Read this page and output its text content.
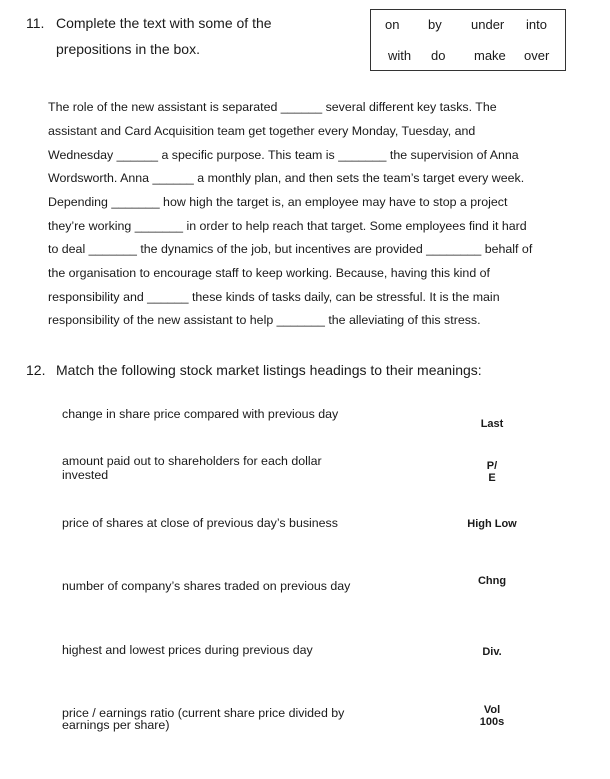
11. Complete the text with some of the
prepositions in the box.
on by under into
with do make over
The role of the new assistant is separated ______ several different key tasks. The
assistant and Card Acquisition team get together every Monday, Tuesday, and
Wednesday ______ a specific purpose. This team is _______ the supervision of Anna
Wordsworth. Anna ______ a monthly plan, and then sets the team’s target every week.
Depending _______ how high the target is, an employee may have to stop a project
they’re working _______ in order to help reach that target. Some employees find it hard
to deal _______ the dynamics of the job, but incentives are provided ________ behalf of
the organisation to encourage staff to keep working. Because, having this kind of
responsibility and ______ these kinds of tasks daily, can be stressful. It is the main
responsibility of the new assistant to help _______ the alleviating of this stress.
12. Match the following stock market listings headings to their meanings:
change in share price compared with previous day
amount paid out to shareholders for each dollar invested
price of shares at close of previous day’s business
number of company’s shares traded on previous day
highest and lowest prices during previous day
price / earnings ratio (current share price divided by earnings per share)
Last
P/
E
High Low
Chng
Div.
Vol
100s
